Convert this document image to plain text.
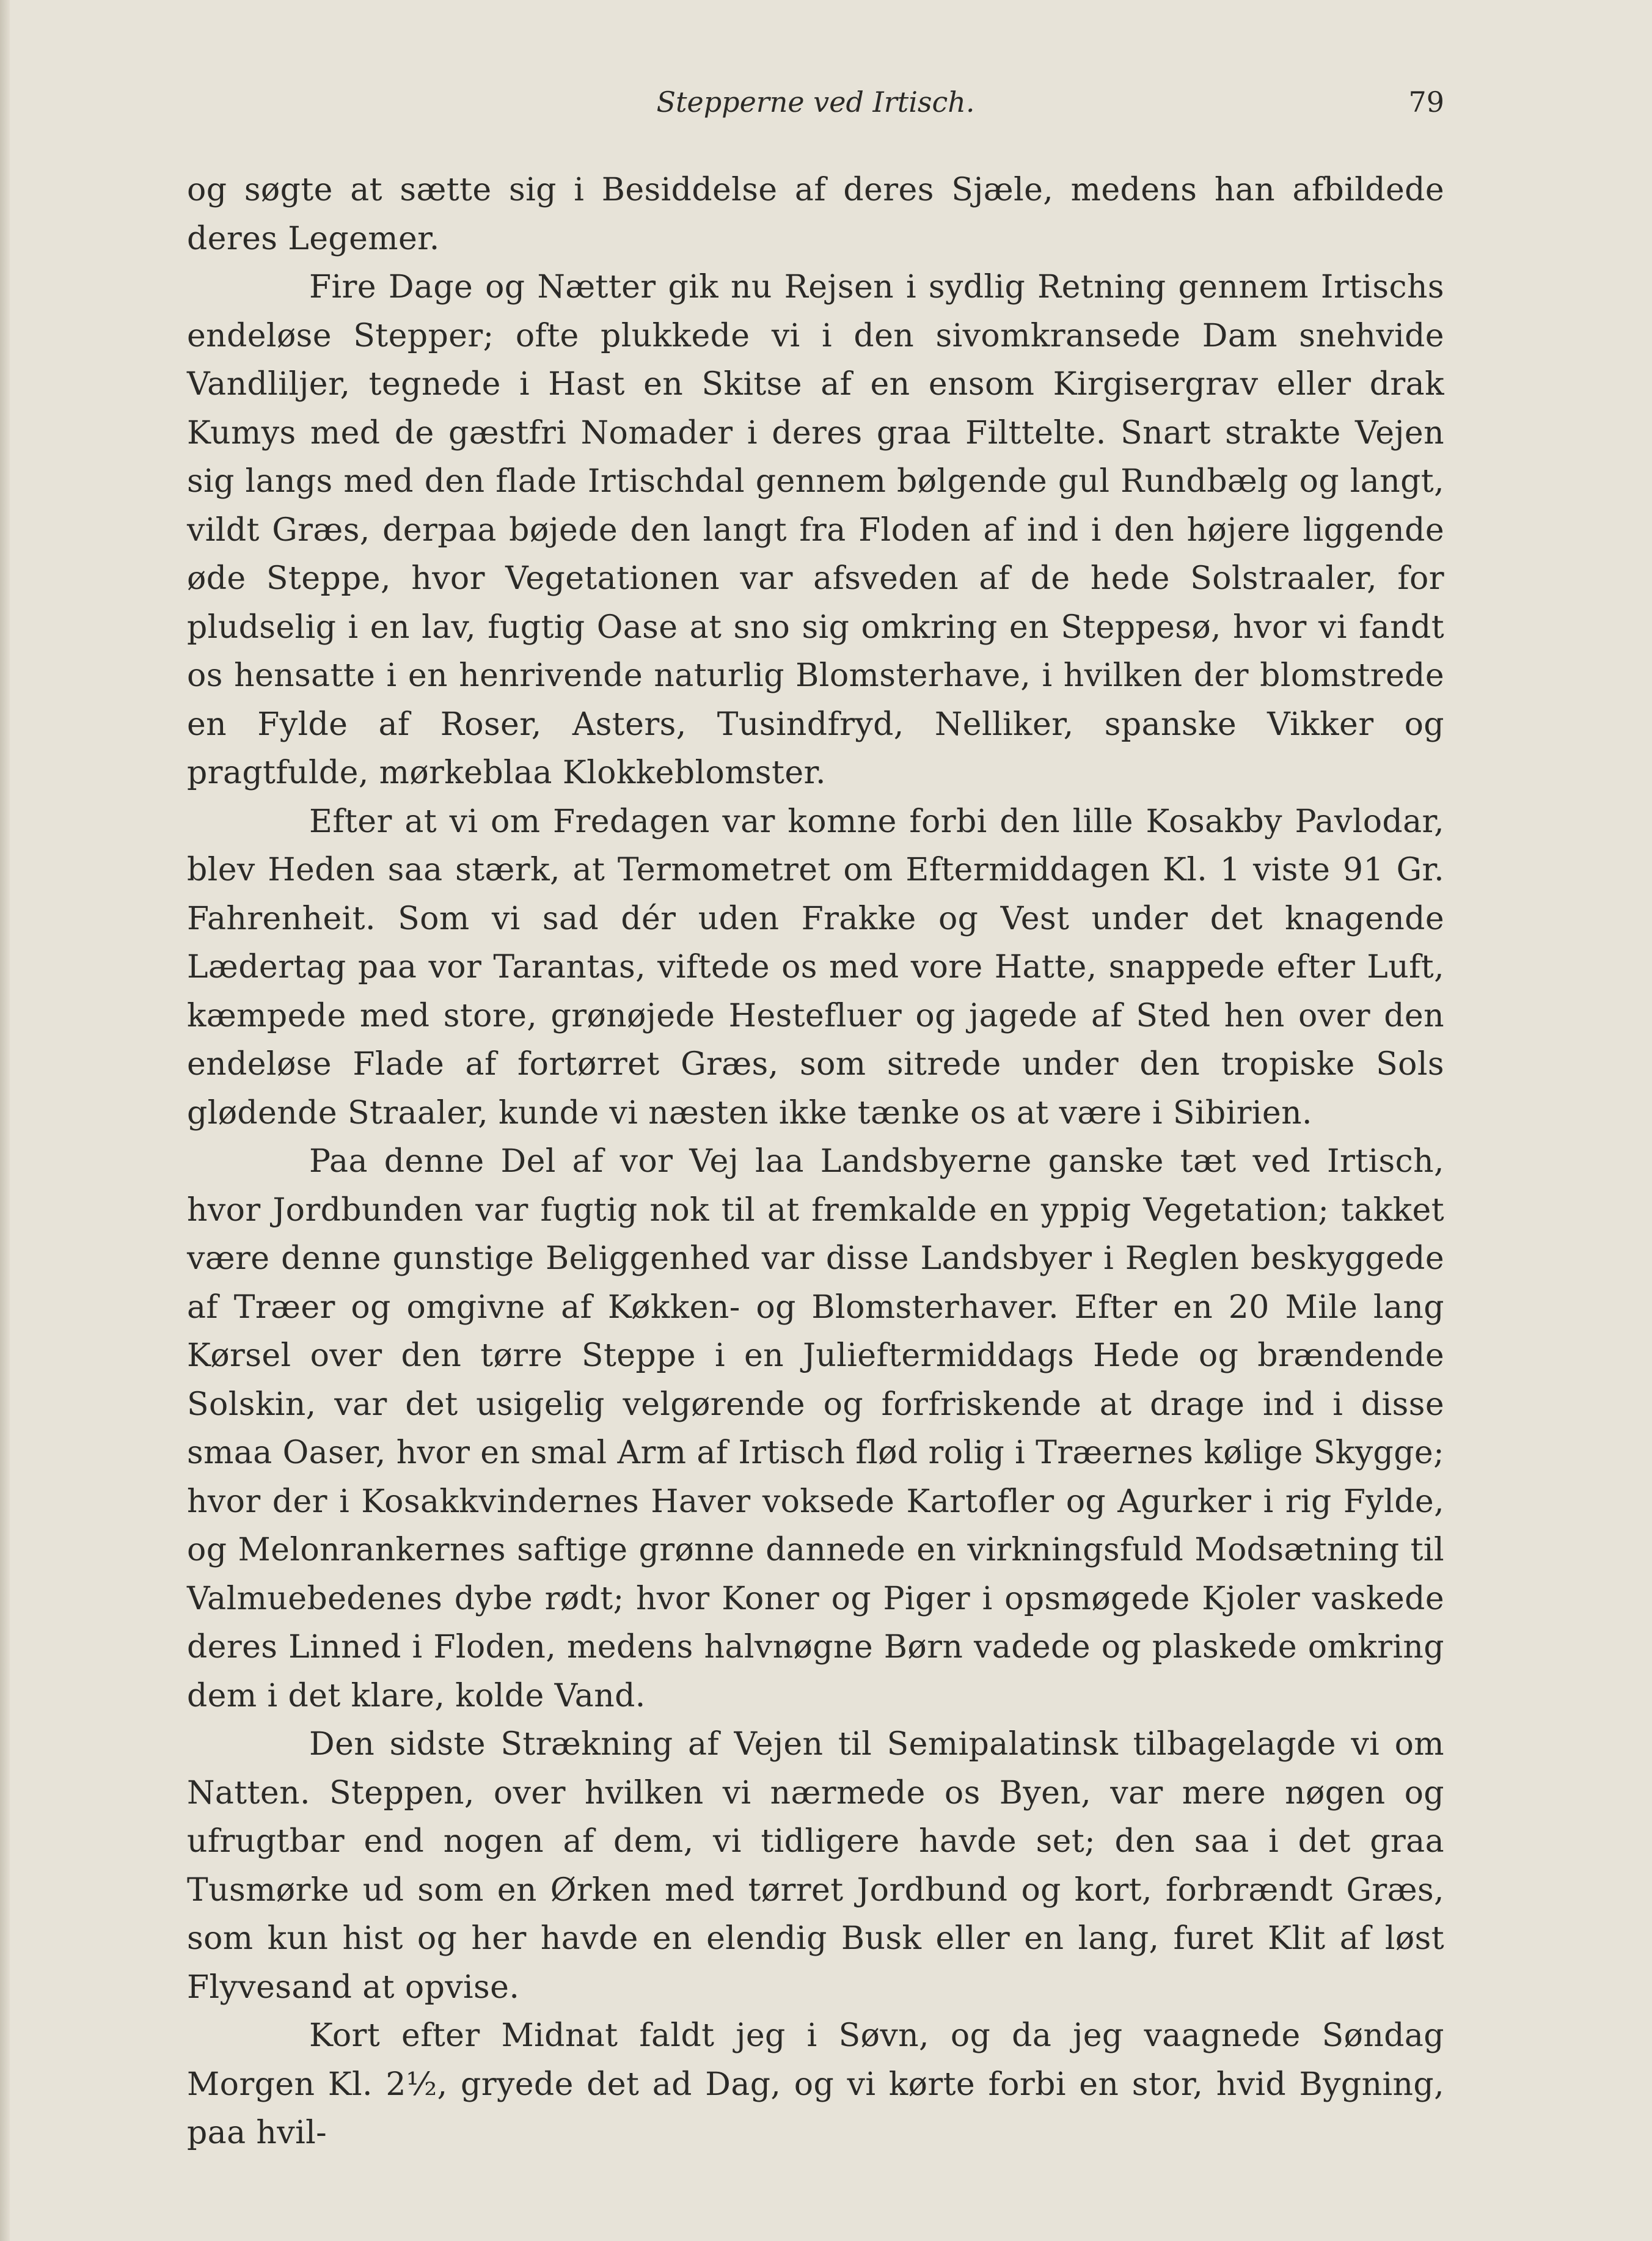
Stepperne ved Irtisch.	79

og søgte at sætte sig i Besiddelse af deres Sjæle, medens han afbildede deres Legemer.

Fire Dage og Nætter gik nu Rejsen i sydlig Retning gennem Irtischs endeløse Stepper; ofte plukkede vi i den sivomkransede Dam snehvide Vandliljer, tegnede i Hast en Skitse af en ensom Kirgisergrav eller drak Kumys med de gæstfri Nomader i deres graa Filttelte. Snart strakte Vejen sig langs med den flade Irtischdal gennem bølgende gul Rundbælg og langt, vildt Græs, derpaa bøjede den langt fra Floden af ind i den højere liggende øde Steppe, hvor Vegetationen var afsveden af de hede Solstraaler, for pludselig i en lav, fugtig Oase at sno sig omkring en Steppesø, hvor vi fandt os hensatte i en henrivende naturlig Blomsterhave, i hvilken der blomstrede en Fylde af Roser, Asters, Tusindfryd, Nelliker, spanske Vikker og pragtfulde, mørkeblaa Klokkeblomster.

Efter at vi om Fredagen var komne forbi den lille Kosakby Pavlodar, blev Heden saa stærk, at Termometret om Eftermiddagen Kl. 1 viste 91 Gr. Fahrenheit. Som vi sad dér uden Frakke og Vest under det knagende Lædertag paa vor Tarantas, viftede os med vore Hatte, snappede efter Luft, kæmpede med store, grønøjede Hestefluer og jagede af Sted hen over den endeløse Flade af fortørret Græs, som sitrede under den tropiske Sols glødende Straaler, kunde vi næsten ikke tænke os at være i Sibirien.

Paa denne Del af vor Vej laa Landsbyerne ganske tæt ved Irtisch, hvor Jordbunden var fugtig nok til at fremkalde en yppig Vegetation; takket være denne gunstige Beliggenhed var disse Landsbyer i Reglen beskyggede af Træer og omgivne af Køkken- og Blomsterhaver. Efter en 20 Mile lang Kørsel over den tørre Steppe i en Julieftermiddags Hede og brændende Solskin, var det usigelig velgørende og forfriskende at drage ind i disse smaa Oaser, hvor en smal Arm af Irtisch flød rolig i Træernes kølige Skygge; hvor der i Kosakkvindernes Haver voksede Kartofler og Agurker i rig Fylde, og Melonrankernes saftige grønne dannede en virkningsfuld Modsætning til Valmuebedenes dybe rødt; hvor Koner og Piger i opsmøgede Kjoler vaskede deres Linned i Floden, medens halvnøgne Børn vadede og plaskede omkring dem i det klare, kolde Vand.

Den sidste Strækning af Vejen til Semipalatinsk tilbagelagde vi om Natten. Steppen, over hvilken vi nærmede os Byen, var mere nøgen og ufrugtbar end nogen af dem, vi tidligere havde set; den saa i det graa Tusmørke ud som en Ørken med tørret Jordbund og kort, forbrændt Græs, som kun hist og her havde en elendig Busk eller en lang, furet Klit af løst Flyvesand at opvise.

Kort efter Midnat faldt jeg i Søvn, og da jeg vaagnede Søndag Morgen Kl. 2½, gryede det ad Dag, og vi kørte forbi en stor, hvid Bygning, paa hvil-
